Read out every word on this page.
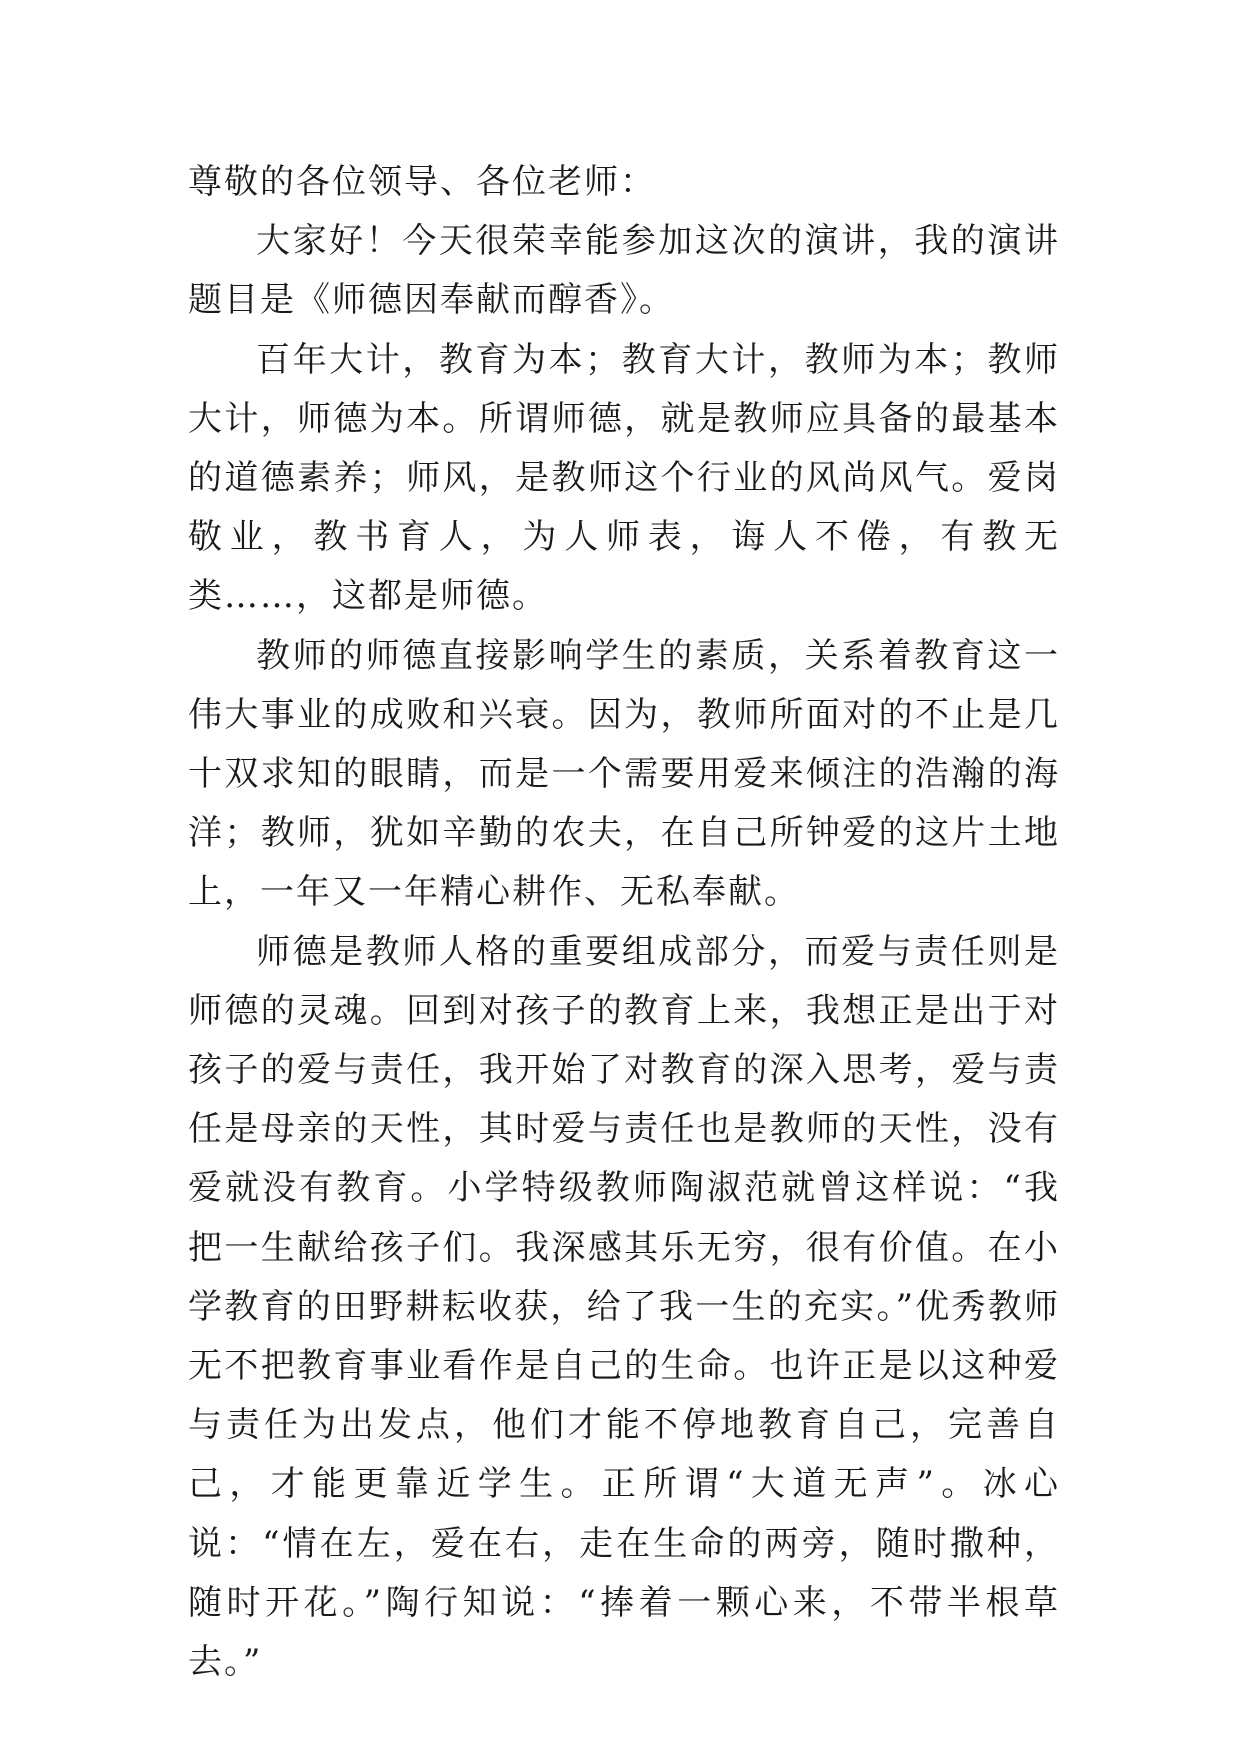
尊敬的各位领导、各位老师：

大家好！今天很荣幸能参加这次的演讲，我的演讲题目是《师德因奉献而醇香》。

百年大计，教育为本；教育大计，教师为本；教师大计，师德为本。所谓师德，就是教师应具备的最基本的道德素养；师风，是教师这个行业的风尚风气。爱岗敬业，教书育人，为人师表，诲人不倦，有教无类……，这都是师德。

教师的师德直接影响学生的素质，关系着教育这一伟大事业的成败和兴衰。因为，教师所面对的不止是几十双求知的眼睛，而是一个需要用爱来倾注的浩瀚的海洋；教师，犹如辛勤的农夫，在自己所钟爱的这片土地上，一年又一年精心耕作、无私奉献。

师德是教师人格的重要组成部分，而爱与责任则是师德的灵魂。回到对孩子的教育上来，我想正是出于对孩子的爱与责任，我开始了对教育的深入思考，爱与责任是母亲的天性，其时爱与责任也是教师的天性，没有爱就没有教育。小学特级教师陶淑范就曾这样说：“我把一生献给孩子们。我深感其乐无穷，很有价值。在小学教育的田野耕耘收获，给了我一生的充实。”优秀教师无不把教育事业看作是自己的生命。也许正是以这种爱与责任为出发点，他们才能不停地教育自己，完善自己，才能更靠近学生。正所谓“大道无声”。冰心说：“情在左，爱在右，走在生命的两旁，随时撒种，随时开花。”陶行知说：“捧着一颗心来，不带半根草去。”
